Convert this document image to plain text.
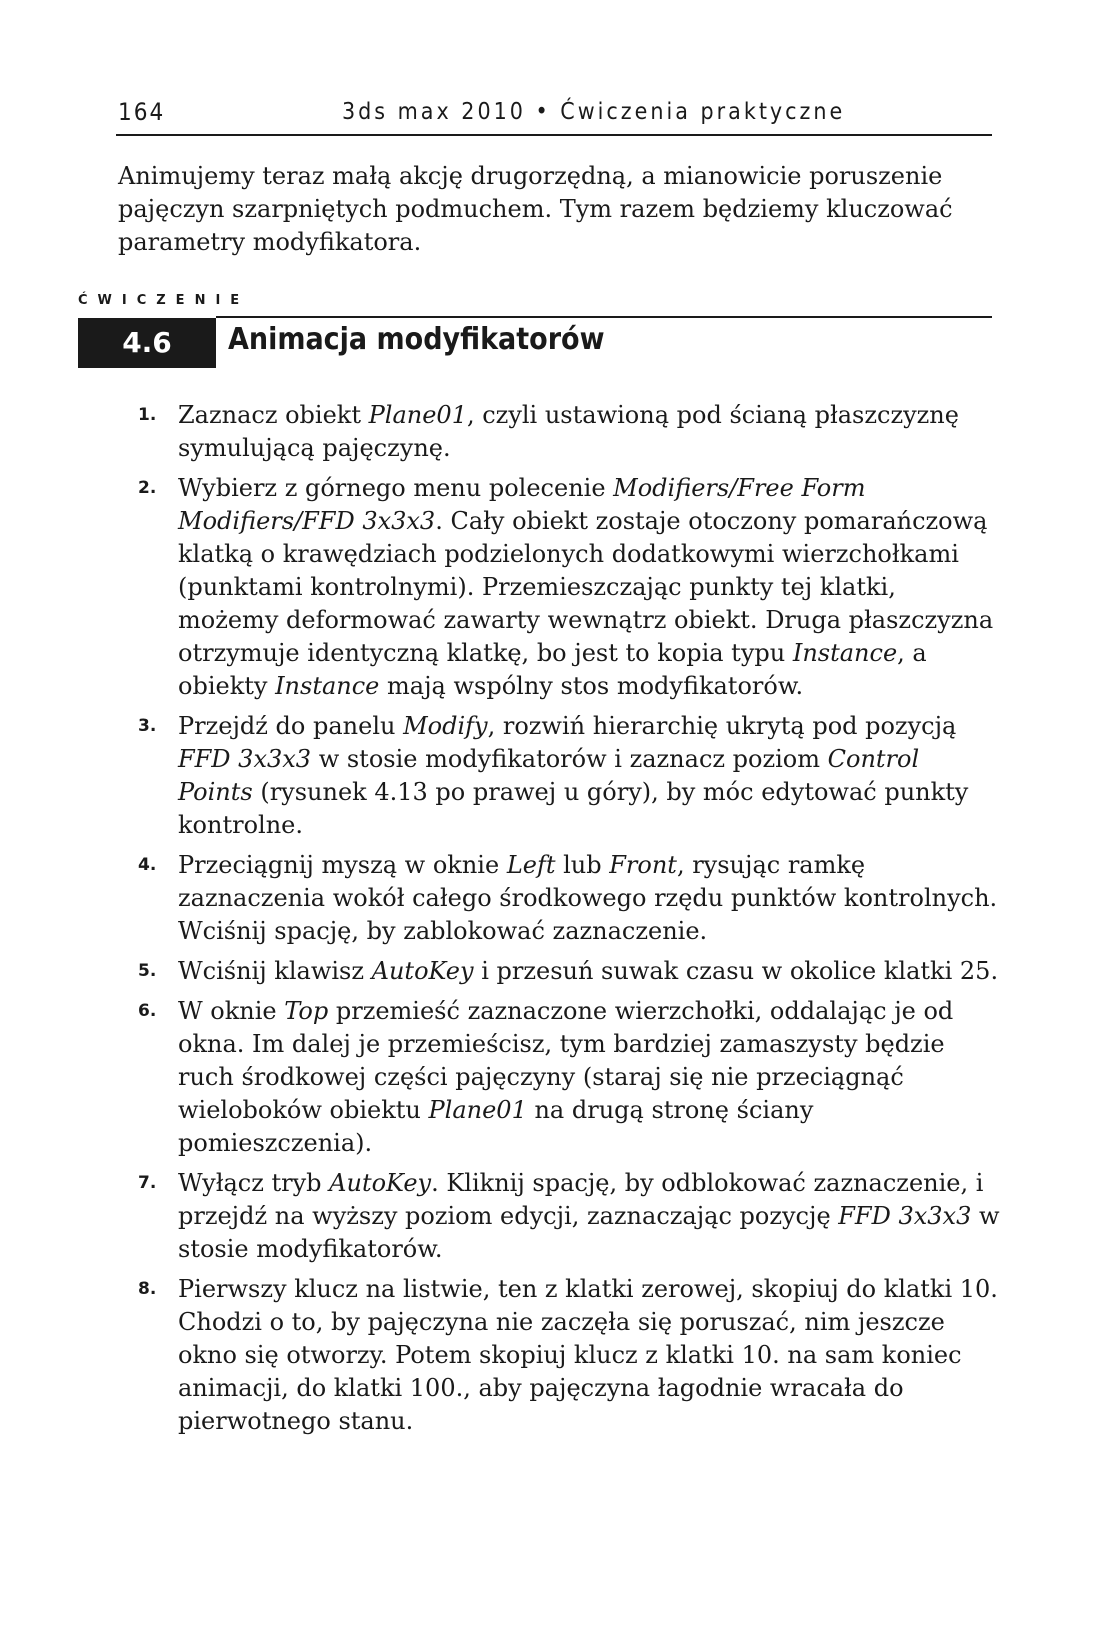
164	3ds max 2010 • Ćwiczenia praktyczne

Animujemy teraz małą akcję drugorzędną, a mianowicie poruszenie pajęczyn szarpniętych podmuchem. Tym razem będziemy kluczować parametry modyfikatora.

ĆWICZENIE
4.6	Animacja modyfikatorów
1. Zaznacz obiekt Plane01, czyli ustawioną pod ścianą płaszczyznę symulującą pajęczynę.
2. Wybierz z górnego menu polecenie Modifiers/Free Form Modifiers/FFD 3x3x3. Cały obiekt zostaje otoczony pomarańczową klatką o krawędziach podzielonych dodatkowymi wierzchołkami (punktami kontrolnymi). Przemieszczając punkty tej klatki, możemy deformować zawarty wewnątrz obiekt. Druga płaszczyzna otrzymuje identyczną klatkę, bo jest to kopia typu Instance, a obiekty Instance mają wspólny stos modyfikatorów.
3. Przejdź do panelu Modify, rozwiń hierarchię ukrytą pod pozycją FFD 3x3x3 w stosie modyfikatorów i zaznacz poziom Control Points (rysunek 4.13 po prawej u góry), by móc edytować punkty kontrolne.
4. Przeciągnij myszą w oknie Left lub Front, rysując ramkę zaznaczenia wokół całego środkowego rzędu punktów kontrolnych. Wciśnij spację, by zablokować zaznaczenie.
5. Wciśnij klawisz AutoKey i przesuń suwak czasu w okolice klatki 25.
6. W oknie Top przemieść zaznaczone wierzchołki, oddalając je od okna. Im dalej je przemieścisz, tym bardziej zamaszysty będzie ruch środkowej części pajęczyny (staraj się nie przeciągnąć wieloboków obiektu Plane01 na drugą stronę ściany pomieszczenia).
7. Wyłącz tryb AutoKey. Kliknij spację, by odblokować zaznaczenie, i przejdź na wyższy poziom edycji, zaznaczając pozycję FFD 3x3x3 w stosie modyfikatorów.
8. Pierwszy klucz na listwie, ten z klatki zerowej, skopiuj do klatki 10. Chodzi o to, by pajęczyna nie zaczęła się poruszać, nim jeszcze okno się otworzy. Potem skopiuj klucz z klatki 10. na sam koniec animacji, do klatki 100., aby pajęczyna łagodnie wracała do pierwotnego stanu.
